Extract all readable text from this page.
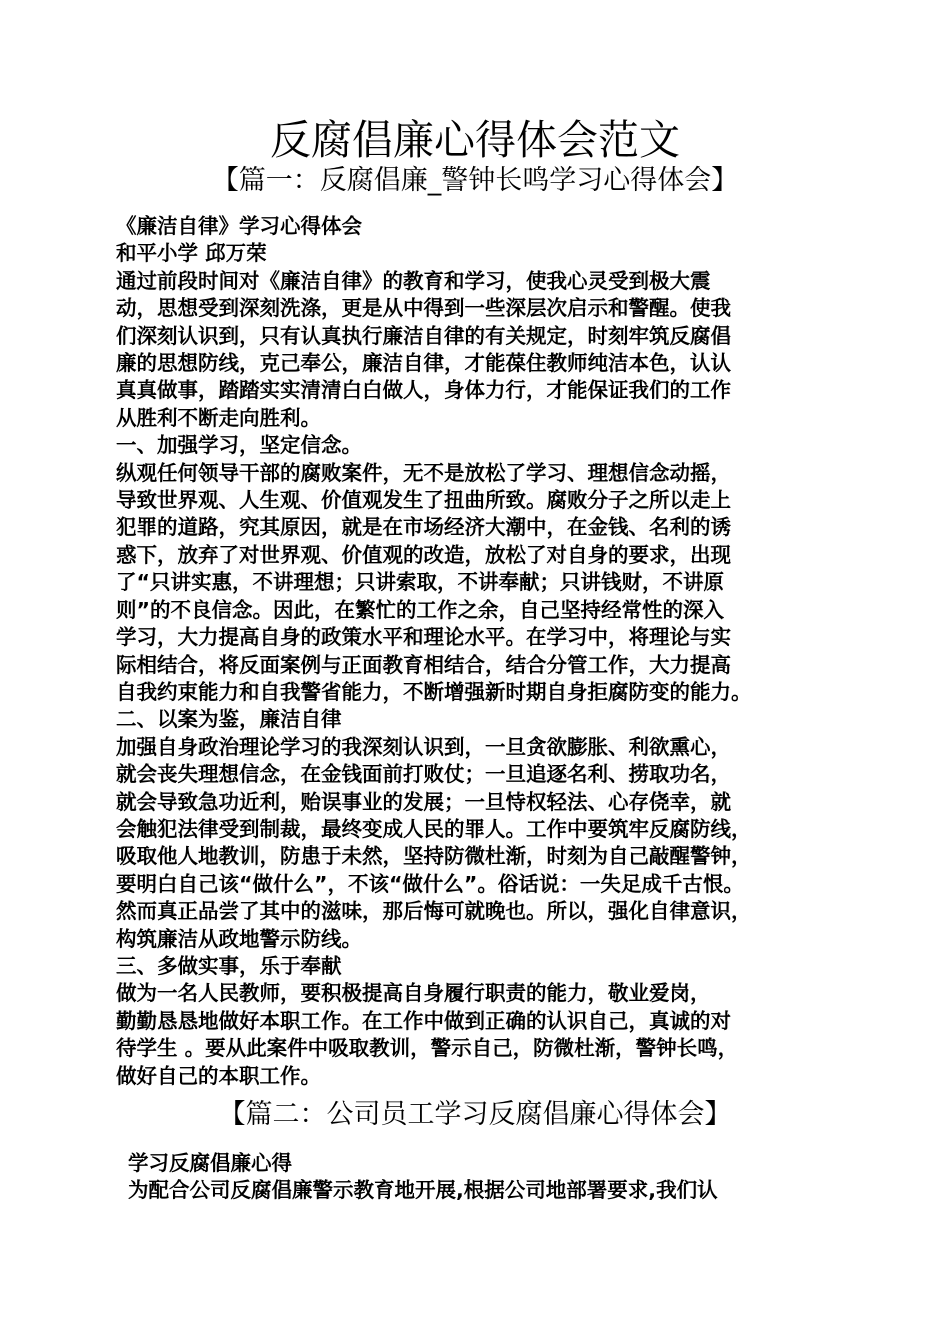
反腐倡廉心得体会范文
【篇一：反腐倡廉_警钟长鸣学习心得体会】
《廉洁自律》学习心得体会
和平小学 邱万荣
通过前段时间对《廉洁自律》的教育和学习，使我心灵受到极大震
动，思想受到深刻洗涤，更是从中得到一些深层次启示和警醒。使我
们深刻认识到，只有认真执行廉洁自律的有关规定，时刻牢筑反腐倡
廉的思想防线，克己奉公，廉洁自律，才能葆住教师纯洁本色，认认
真真做事，踏踏实实清清白白做人，身体力行，才能保证我们的工作
从胜利不断走向胜利。
一、加强学习，坚定信念。
纵观任何领导干部的腐败案件，无不是放松了学习、理想信念动摇，
导致世界观、人生观、价值观发生了扭曲所致。腐败分子之所以走上
犯罪的道路，究其原因，就是在市场经济大潮中，在金钱、名利的诱
惑下，放弃了对世界观、价值观的改造，放松了对自身的要求，出现
了“只讲实惠，不讲理想；只讲索取，不讲奉献；只讲钱财，不讲原
则”的不良信念。因此，在繁忙的工作之余，自己坚持经常性的深入
学习，大力提高自身的政策水平和理论水平。在学习中，将理论与实
际相结合，将反面案例与正面教育相结合，结合分管工作，大力提高
自我约束能力和自我警省能力，不断增强新时期自身拒腐防变的能力。
二、以案为鉴，廉洁自律
加强自身政治理论学习的我深刻认识到，一旦贪欲膨胀、利欲熏心，
就会丧失理想信念，在金钱面前打败仗；一旦追逐名利、捞取功名，
就会导致急功近利，贻误事业的发展；一旦恃权轻法、心存侥幸，就
会触犯法律受到制裁，最终变成人民的罪人。工作中要筑牢反腐防线，
吸取他人地教训，防患于未然，坚持防微杜渐，时刻为自己敲醒警钟，
要明白自己该“做什么”，不该“做什么”。俗话说：一失足成千古恨。
然而真正品尝了其中的滋味，那后悔可就晚也。所以，强化自律意识，
构筑廉洁从政地警示防线。
三、多做实事，乐于奉献
做为一名人民教师，要积极提高自身履行职责的能力，敬业爱岗，
勤勤恳恳地做好本职工作。在工作中做到正确的认识自己，真诚的对
待学生 。要从此案件中吸取教训，警示自己，防微杜渐，警钟长鸣，
做好自己的本职工作。
【篇二：公司员工学习反腐倡廉心得体会】
学习反腐倡廉心得
为配合公司反腐倡廉警示教育地开展,根据公司地部署要求,我们认
